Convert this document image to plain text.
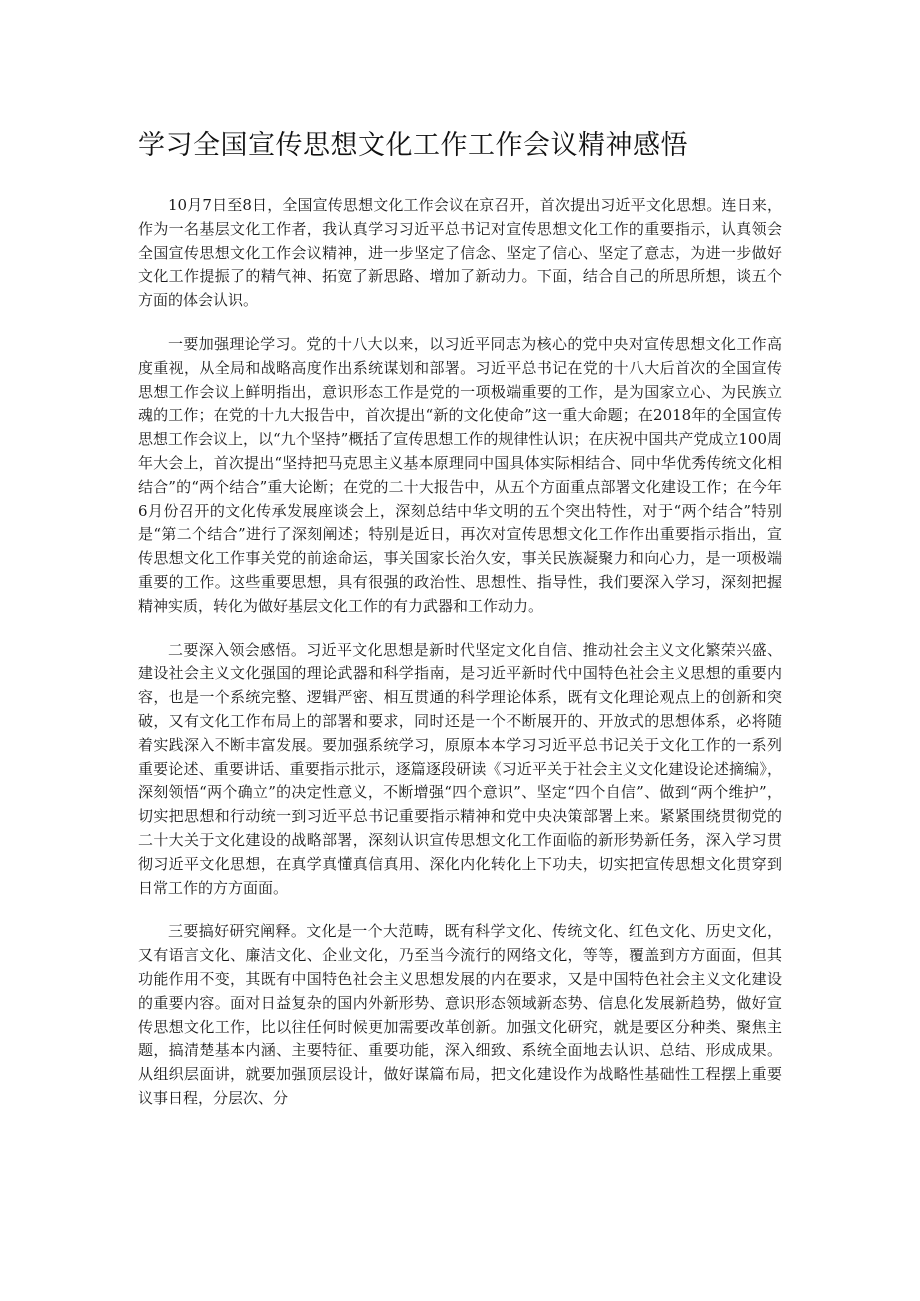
学习全国宣传思想文化工作工作会议精神感悟

10月7日至8日，全国宣传思想文化工作会议在京召开，首次提出习近平文化思想。连日来，作为一名基层文化工作者，我认真学习习近平总书记对宣传思想文化工作的重要指示，认真领会全国宣传思想文化工作会议精神，进一步坚定了信念、坚定了信心、坚定了意志，为进一步做好文化工作提振了的精气神、拓宽了新思路、增加了新动力。下面，结合自己的所思所想，谈五个方面的体会认识。

一要加强理论学习。党的十八大以来，以习近平同志为核心的党中央对宣传思想文化工作高度重视，从全局和战略高度作出系统谋划和部署。习近平总书记在党的十八大后首次的全国宣传思想工作会议上鲜明指出，意识形态工作是党的一项极端重要的工作，是为国家立心、为民族立魂的工作；在党的十九大报告中，首次提出“新的文化使命”这一重大命题；在2018年的全国宣传思想工作会议上，以“九个坚持”概括了宣传思想工作的规律性认识；在庆祝中国共产党成立100周年大会上，首次提出“坚持把马克思主义基本原理同中国具体实际相结合、同中华优秀传统文化相结合”的“两个结合”重大论断；在党的二十大报告中，从五个方面重点部署文化建设工作；在今年6月份召开的文化传承发展座谈会上，深刻总结中华文明的五个突出特性，对于“两个结合”特别是“第二个结合”进行了深刻阐述；特别是近日，再次对宣传思想文化工作作出重要指示指出，宣传思想文化工作事关党的前途命运，事关国家长治久安，事关民族凝聚力和向心力，是一项极端重要的工作。这些重要思想，具有很强的政治性、思想性、指导性，我们要深入学习，深刻把握精神实质，转化为做好基层文化工作的有力武器和工作动力。

二要深入领会感悟。习近平文化思想是新时代坚定文化自信、推动社会主义文化繁荣兴盛、建设社会主义文化强国的理论武器和科学指南，是习近平新时代中国特色社会主义思想的重要内容，也是一个系统完整、逻辑严密、相互贯通的科学理论体系，既有文化理论观点上的创新和突破，又有文化工作布局上的部署和要求，同时还是一个不断展开的、开放式的思想体系，必将随着实践深入不断丰富发展。要加强系统学习，原原本本学习习近平总书记关于文化工作的一系列重要论述、重要讲话、重要指示批示，逐篇逐段研读《习近平关于社会主义文化建设论述摘编》，深刻领悟“两个确立”的决定性意义，不断增强“四个意识”、坚定“四个自信”、做到“两个维护”，切实把思想和行动统一到习近平总书记重要指示精神和党中央决策部署上来。紧紧围绕贯彻党的二十大关于文化建设的战略部署，深刻认识宣传思想文化工作面临的新形势新任务，深入学习贯彻习近平文化思想，在真学真懂真信真用、深化内化转化上下功夫，切实把宣传思想文化贯穿到日常工作的方方面面。

三要搞好研究阐释。文化是一个大范畴，既有科学文化、传统文化、红色文化、历史文化，又有语言文化、廉洁文化、企业文化，乃至当今流行的网络文化，等等，覆盖到方方面面，但其功能作用不变，其既有中国特色社会主义思想发展的内在要求，又是中国特色社会主义文化建设的重要内容。面对日益复杂的国内外新形势、意识形态领域新态势、信息化发展新趋势，做好宣传思想文化工作，比以往任何时候更加需要改革创新。加强文化研究，就是要区分种类、聚焦主题，搞清楚基本内涵、主要特征、重要功能，深入细致、系统全面地去认识、总结、形成成果。从组织层面讲，就要加强顶层设计，做好谋篇布局，把文化建设作为战略性基础性工程摆上重要议事日程，分层次、分
